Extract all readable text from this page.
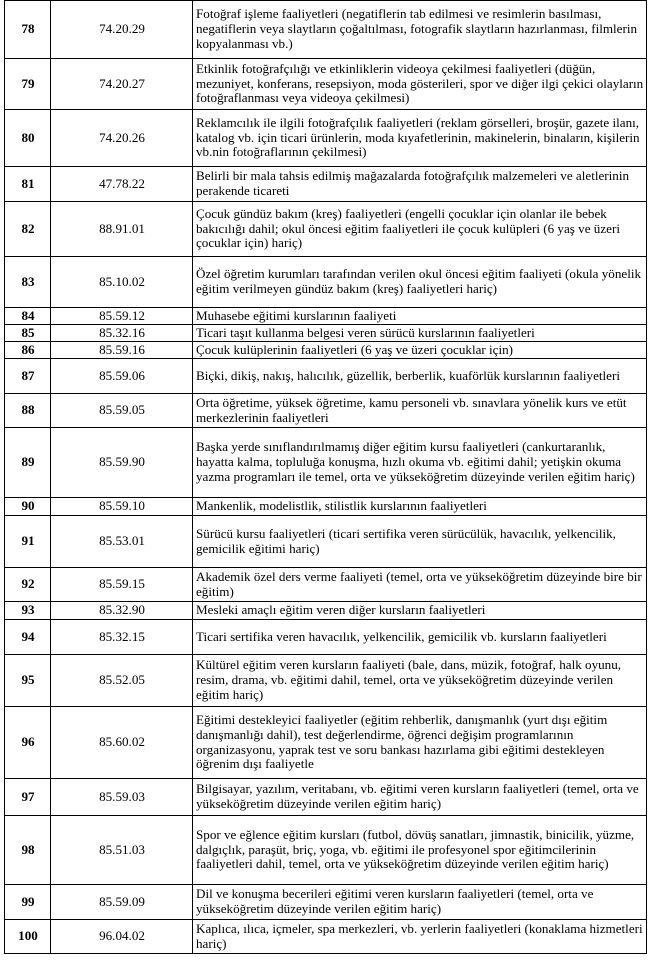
78	74.20.29	Fotoğraf işleme faaliyetleri (negatiflerin tab edilmesi ve resimlerin basılması, negatiflerin veya slaytların çoğaltılması, fotografik slaytların hazırlanması, filmlerin kopyalanması vb.)
79	74.20.27	Etkinlik fotoğrafçılığı ve etkinliklerin videoya çekilmesi faaliyetleri (düğün, mezuniyet, konferans, resepsiyon, moda gösterileri, spor ve diğer ilgi çekici olayların fotoğraflanması veya videoya çekilmesi)
80	74.20.26	Reklamcılık ile ilgili fotoğrafçılık faaliyetleri (reklam görselleri, broşür, gazete ilanı, katalog vb. için ticari ürünlerin, moda kıyafetlerinin, makinelerin, binaların, kişilerin vb.nin fotoğraflarının çekilmesi)
81	47.78.22	Belirli bir mala tahsis edilmiş mağazalarda fotoğrafçılık malzemeleri ve aletlerinin perakende ticareti
82	88.91.01	Çocuk gündüz bakım (kreş) faaliyetleri (engelli çocuklar için olanlar ile bebek bakıcılığı dahil; okul öncesi eğitim faaliyetleri ile çocuk kulüpleri (6 yaş ve üzeri çocuklar için) hariç)
83	85.10.02	Özel öğretim kurumları tarafından verilen okul öncesi eğitim faaliyeti (okula yönelik eğitim verilmeyen gündüz bakım (kreş) faaliyetleri hariç)
84	85.59.12	Muhasebe eğitimi kurslarının faaliyeti
85	85.32.16	Ticari taşıt kullanma belgesi veren sürücü kurslarının faaliyetleri
86	85.59.16	Çocuk kulüplerinin faaliyetleri (6 yaş ve üzeri çocuklar için)
87	85.59.06	Biçki, dikiş, nakış, halıcılık, güzellik, berberlik, kuaförlük kurslarının faaliyetleri
88	85.59.05	Orta öğretime, yüksek öğretime, kamu personeli vb. sınavlara yönelik kurs ve etüt merkezlerinin faaliyetleri
89	85.59.90	Başka yerde sınıflandırılmamış diğer eğitim kursu faaliyetleri (cankurtaranlık, hayatta kalma, topluluğa konuşma, hızlı okuma vb. eğitimi dahil; yetişkin okuma yazma programları ile temel, orta ve yükseköğretim düzeyinde verilen eğitim hariç)
90	85.59.10	Mankenlik, modelistlik, stilistlik kurslarının faaliyetleri
91	85.53.01	Sürücü kursu faaliyetleri (ticari sertifika veren sürücülük, havacılık, yelkencilik, gemicilik eğitimi hariç)
92	85.59.15	Akademik özel ders verme faaliyeti (temel, orta ve yükseköğretim düzeyinde bire bir eğitim)
93	85.32.90	Mesleki amaçlı eğitim veren diğer kursların faaliyetleri
94	85.32.15	Ticari sertifika veren havacılık, yelkencilik, gemicilik vb. kursların faaliyetleri
95	85.52.05	Kültürel eğitim veren kursların faaliyeti (bale, dans, müzik, fotoğraf, halk oyunu, resim, drama, vb. eğitimi dahil, temel, orta ve yükseköğretim düzeyinde verilen eğitim hariç)
96	85.60.02	Eğitimi destekleyici faaliyetler (eğitim rehberlik, danışmanlık (yurt dışı eğitim danışmanlığı dahil), test değerlendirme, öğrenci değişim programlarının organizasyonu, yaprak test ve soru bankası hazırlama gibi eğitimi destekleyen öğrenim dışı faaliyetle
97	85.59.03	Bilgisayar, yazılım, veritabanı, vb. eğitimi veren kursların faaliyetleri (temel, orta ve yükseköğretim düzeyinde verilen eğitim hariç)
98	85.51.03	Spor ve eğlence eğitim kursları (futbol, dövüş sanatları, jimnastik, binicilik, yüzme, dalgıçlık, paraşüt, briç, yoga, vb. eğitimi ile profesyonel spor eğitimcilerinin faaliyetleri dahil, temel, orta ve yükseköğretim düzeyinde verilen eğitim hariç)
99	85.59.09	Dil ve konuşma becerileri eğitimi veren kursların faaliyetleri (temel, orta ve yükseköğretim düzeyinde verilen eğitim hariç)
100	96.04.02	Kaplıca, ılıca, içmeler, spa merkezleri, vb. yerlerin faaliyetleri (konaklama hizmetleri hariç)
